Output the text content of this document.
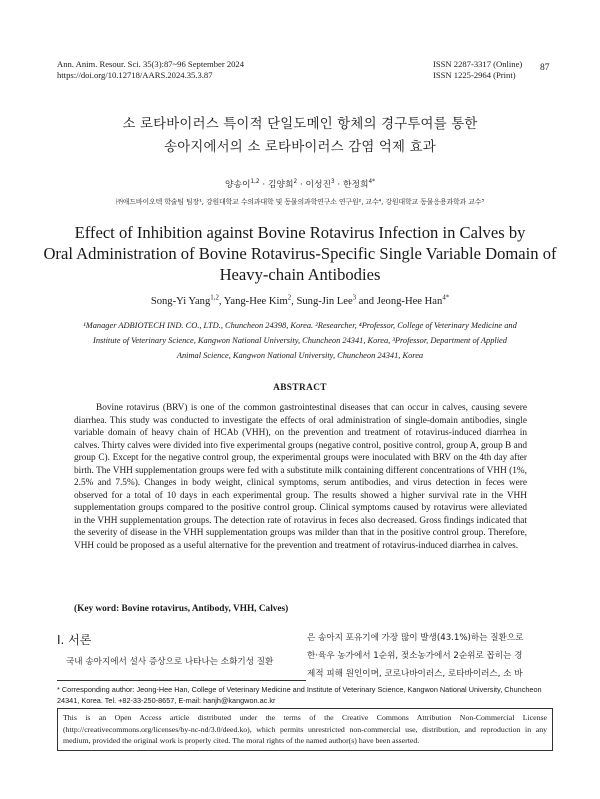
Ann. Anim. Resour. Sci. 35(3):87~96 September 2024
https://doi.org/10.12718/AARS.2024.35.3.87
ISSN 2287-3317 (Online)
ISSN 1225-2964 (Print)
87
소 로타바이러스 특이적 단일도메인 항체의 경구투여를 통한
송아지에서의 소 로타바이러스 감염 억제 효과
양송이$^{1,2}$ · 김양희$^2$ · 이성진$^3$ · 한정희$^{4*}$
㈜애드바이오텍 학술팀 팀장¹, 강원대학교 수의과대학 및 동물의과학연구소 연구원², 교수⁴, 강원대학교 동물응용과학과 교수³
Effect of Inhibition against Bovine Rotavirus Infection in Calves by
Oral Administration of Bovine Rotavirus-Specific Single Variable Domain of
Heavy-chain Antibodies
Song-Yi Yang$^{1,2}$, Yang-Hee Kim$^2$, Sung-Jin Lee$^3$ and Jeong-Hee Han$^{4*}$
¹Manager ADBIOTECH IND. CO., LTD., Chuncheon 24398, Korea. ²Researcher, ⁴Professor, College of Veterinary Medicine and
Institute of Veterinary Science, Kangwon National University, Chuncheon 24341, Korea, ³Professor, Department of Applied
Animal Science, Kangwon National University, Chuncheon 24341, Korea
ABSTRACT
Bovine rotavirus (BRV) is one of the common gastrointestinal diseases that can occur in calves, causing severe diarrhea. This study was conducted to investigate the effects of oral administration of single-domain antibodies, single variable domain of heavy chain of HCAb (VHH), on the prevention and treatment of rotavirus-induced diarrhea in calves. Thirty calves were divided into five experimental groups (negative control, positive control, group A, group B and group C). Except for the negative control group, the experimental groups were inoculated with BRV on the 4th day after birth. The VHH supplementation groups were fed with a substitute milk containing different concentrations of VHH (1%, 2.5% and 7.5%). Changes in body weight, clinical symptoms, serum antibodies, and virus detection in feces were observed for a total of 10 days in each experimental group. The results showed a higher survival rate in the VHH supplementation groups compared to the positive control group. Clinical symptoms caused by rotavirus were alleviated in the VHH supplementation groups. The detection rate of rotavirus in feces also decreased. Gross findings indicated that the severity of disease in the VHH supplementation groups was milder than that in the positive control group. Therefore, VHH could be proposed as a useful alternative for the prevention and treatment of rotavirus-induced diarrhea in calves.
(Key word: Bovine rotavirus, Antibody, VHH, Calves)
Ⅰ. 서론
국내 송아지에서 설사 증상으로 나타나는 소화기성 질환
은 송아지 포유기에 가장 많이 발생(43.1%)하는 질환으로
한·육우 농가에서 1순위, 젖소농가에서 2순위로 꼽히는 경
제적 피해 원인이며, 코로나바이러스, 로타바이러스, 소 바
* Corresponding author: Jeong-Hee Han, College of Veterinary Medicine and Institute of Veterinary Science, Kangwon National University, Chuncheon 24341, Korea. Tel. +82-33-250-8657, E-mail: hanjh@kangwon.ac.kr
This is an Open Access article distributed under the terms of the Creative Commons Attribution Non-Commercial License (http://creativecommons.org/licenses/by-nc-nd/3.0/deed.ko), which permits unrestricted non-commercial use, distribution, and reproduction in any medium, provided the original work is properly cited. The moral rights of the named author(s) have been asserted.
